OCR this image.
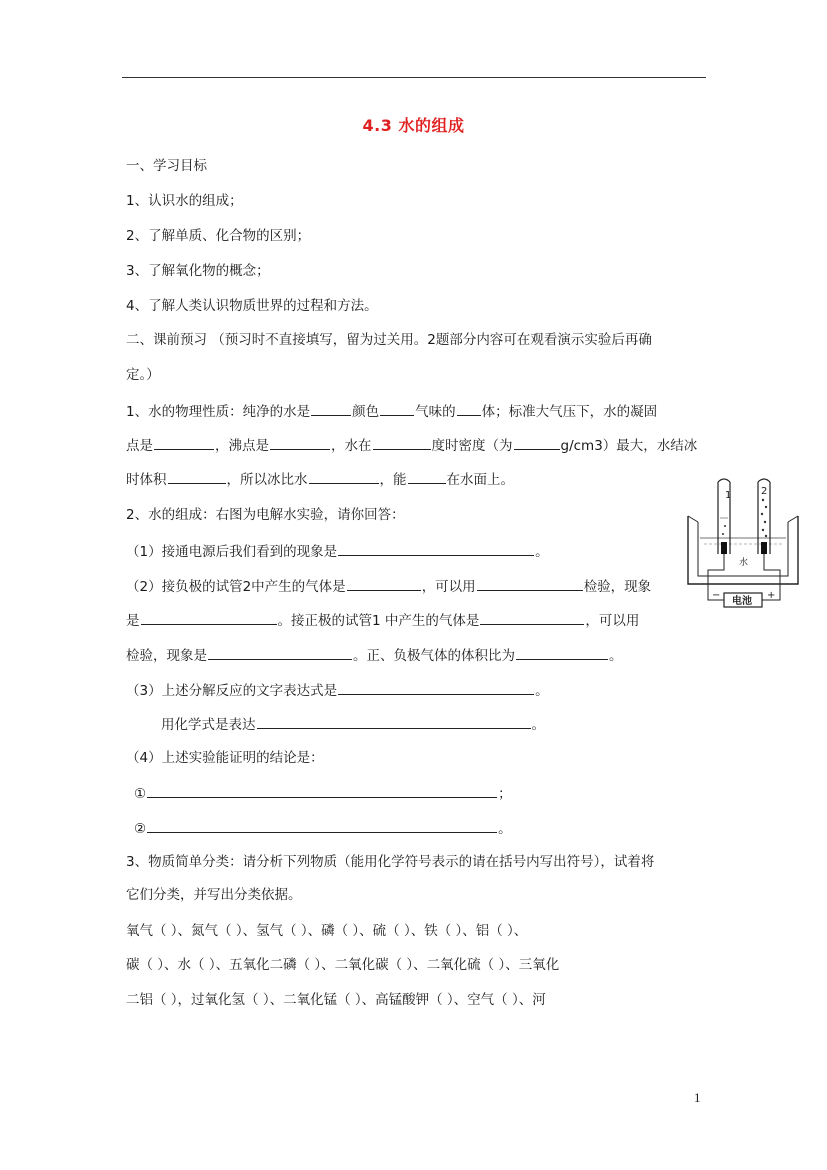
4.3 水的组成
一、学习目标
1、认识水的组成；
2、了解单质、化合物的区别；
3、了解氧化物的概念；
4、了解人类认识物质世界的过程和方法。
二、课前预习 （预习时不直接填写，留为过关用。2题部分内容可在观看演示实验后再确
定。）
1、水的物理性质：纯净的水是	颜色	气味的 体；标准大气压下，水的凝固
点是	，沸点是	，水在	度时密度（为	g/cm3）最大，水结冰
时体积	，所以冰比水	，能	在水面上。
2、水的组成：右图为电解水实验，请你回答：
（1）接通电源后我们看到的现象是	。
（2）接负极的试管2中产生的气体是	，可以用	检验，现象
是	。接正极的试管1 中产生的气体是	，可以用
检验，现象是	。正、负极气体的体积比为	。
（3）上述分解反应的文字表达式是	。
用化学式是表达	。
（4）上述实验能证明的结论是：
①	；
②	。
3、物质简单分类：请分析下列物质（能用化学符号表示的请在括号内写出符号），试着将
它们分类，并写出分类依据。
氧气（ ）、氮气（ ）、氢气（ ）、磷（ ）、硫（ ）、铁（ ）、铝（ ）、
碳（ ）、水（ ）、五氧化二磷（ ）、二氧化碳（ ）、二氧化硫（ ）、三氧化
二铝（ ），过氧化氢（ ）、二氧化锰（ ）、高锰酸钾（ ）、空气（ ）、河
1	2
水
电池
−	+
1
